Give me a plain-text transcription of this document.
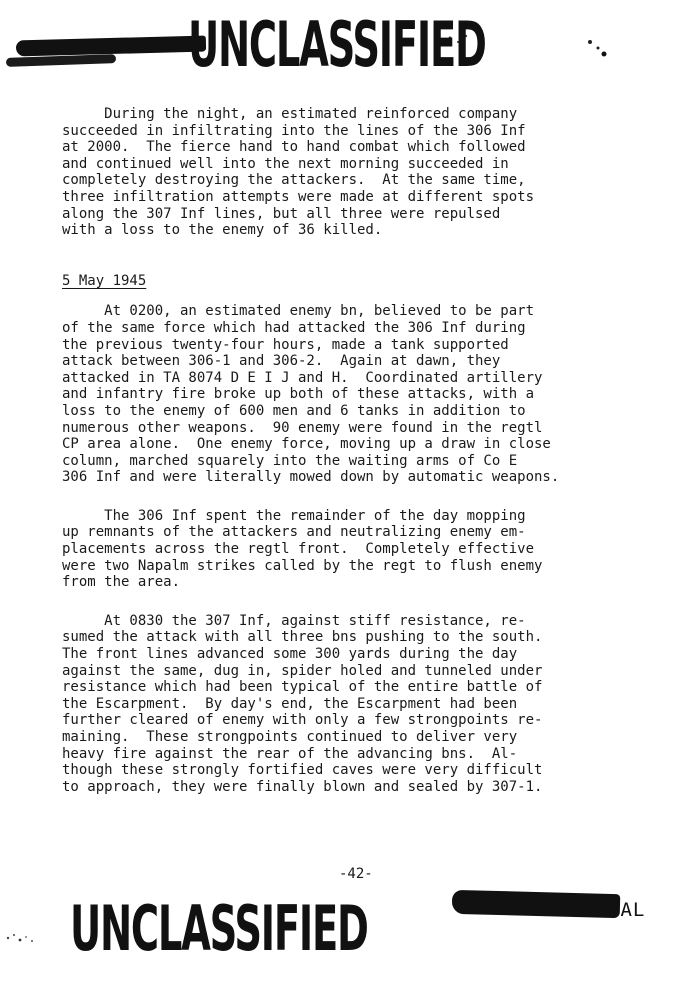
UNCLASSIFIED
During the night, an estimated reinforced company
succeeded in infiltrating into the lines of the 306 Inf
at 2000.  The fierce hand to hand combat which followed
and continued well into the next morning succeeded in
completely destroying the attackers.  At the same time,
three infiltration attempts were made at different spots
along the 307 Inf lines, but all three were repulsed
with a loss to the enemy of 36 killed.
5 May 1945
At 0200, an estimated enemy bn, believed to be part
of the same force which had attacked the 306 Inf during
the previous twenty-four hours, made a tank supported
attack between 306-1 and 306-2.  Again at dawn, they
attacked in TA 8074 D E I J and H.  Coordinated artillery
and infantry fire broke up both of these attacks, with a
loss to the enemy of 600 men and 6 tanks in addition to
numerous other weapons.  90 enemy were found in the regtl
CP area alone.  One enemy force, moving up a draw in close
column, marched squarely into the waiting arms of Co E
306 Inf and were literally mowed down by automatic weapons.
The 306 Inf spent the remainder of the day mopping
up remnants of the attackers and neutralizing enemy em-
placements across the regtl front.  Completely effective
were two Napalm strikes called by the regt to flush enemy
from the area.
At 0830 the 307 Inf, against stiff resistance, re-
sumed the attack with all three bns pushing to the south.
The front lines advanced some 300 yards during the day
against the same, dug in, spider holed and tunneled under
resistance which had been typical of the entire battle of
the Escarpment.  By day's end, the Escarpment had been
further cleared of enemy with only a few strongpoints re-
maining.  These strongpoints continued to deliver very
heavy fire against the rear of the advancing bns.  Al-
though these strongly fortified caves were very difficult
to approach, they were finally blown and sealed by 307-1.
-42-
IAL
UNCLASSIFIED
